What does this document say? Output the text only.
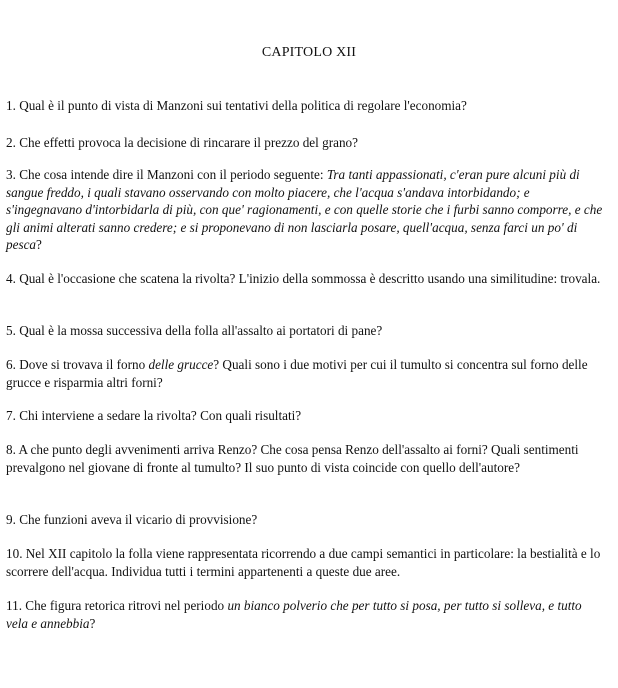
CAPITOLO XII

1. Qual è il punto di vista di Manzoni sui tentativi della politica di regolare l'economia?

2. Che effetti provoca la decisione di rincarare il prezzo del grano?

3. Che cosa intende dire il Manzoni con il periodo seguente: Tra tanti appassionati, c'eran pure alcuni più di sangue freddo, i quali stavano osservando con molto piacere, che l'acqua s'andava intorbidando; e s'ingegnavano d'intorbidarla di più, con que' ragionamenti, e con quelle storie che i furbi sanno comporre, e che gli animi alterati sanno credere; e si proponevano di non lasciarla posare, quell'acqua, senza farci un po' di pesca?

4. Qual è l'occasione che scatena la rivolta? L'inizio della sommossa è descritto usando una similitudine: trovala.

5. Qual è la mossa successiva della folla all'assalto ai portatori di pane?

6. Dove si trovava il forno delle grucce? Quali sono i due motivi per cui il tumulto si concentra sul forno delle grucce e risparmia altri forni?

7. Chi interviene a sedare la rivolta? Con quali risultati?

8. A che punto degli avvenimenti arriva Renzo? Che cosa pensa Renzo dell'assalto ai forni? Quali sentimenti prevalgono nel giovane di fronte al tumulto? Il suo punto di vista coincide con quello dell'autore?

9. Che funzioni aveva il vicario di provvisione?

10. Nel XII capitolo la folla viene rappresentata ricorrendo a due campi semantici in particolare: la bestialità e lo scorrere dell'acqua. Individua tutti i termini appartenenti a queste due aree.

11. Che figura retorica ritrovi nel periodo un bianco polverio che per tutto si posa, per tutto si solleva, e tutto vela e annebbia?
